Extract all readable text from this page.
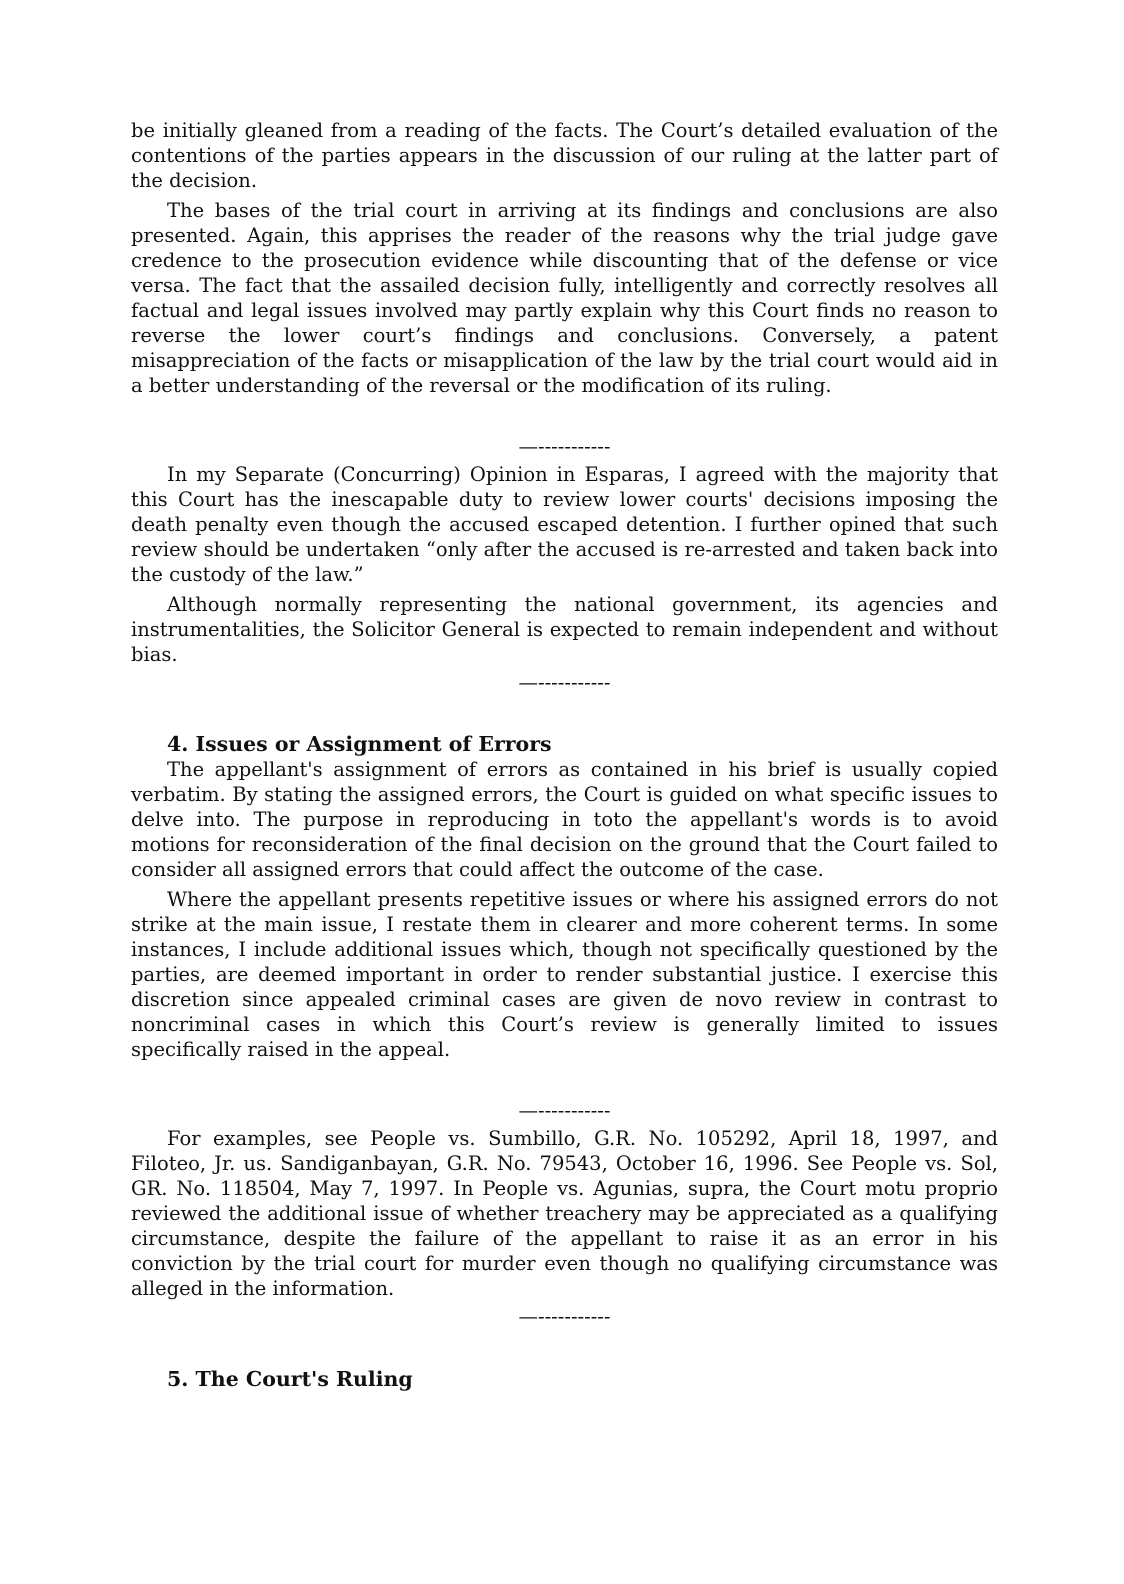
be initially gleaned from a reading of the facts. The Court’s detailed evaluation of the contentions of the parties appears in the discussion of our ruling at the latter part of the decision.

The bases of the trial court in arriving at its findings and conclusions are also presented. Again, this apprises the reader of the reasons why the trial judge gave credence to the prosecution evidence while discounting that of the defense or vice versa. The fact that the assailed decision fully, intelligently and correctly resolves all factual and legal issues involved may partly explain why this Court finds no reason to reverse the lower court’s findings and conclusions. Conversely, a patent misappreciation of the facts or misapplication of the law by the trial court would aid in a better understanding of the reversal or the modification of its ruling.

—-----------

In my Separate (Concurring) Opinion in Esparas, I agreed with the majority that this Court has the inescapable duty to review lower courts' decisions imposing the death penalty even though the accused escaped detention. I further opined that such review should be undertaken “only after the accused is re-arrested and taken back into the custody of the law.”

Although normally representing the national government, its agencies and instrumentalities, the Solicitor General is expected to remain independent and without bias.

—-----------

4. Issues or Assignment of Errors

The appellant's assignment of errors as contained in his brief is usually copied verbatim. By stating the assigned errors, the Court is guided on what specific issues to delve into. The purpose in reproducing in toto the appellant's words is to avoid motions for reconsideration of the final decision on the ground that the Court failed to consider all assigned errors that could affect the outcome of the case.

Where the appellant presents repetitive issues or where his assigned errors do not strike at the main issue, I restate them in clearer and more coherent terms. In some instances, I include additional issues which, though not specifically questioned by the parties, are deemed important in order to render substantial justice. I exercise this discretion since appealed criminal cases are given de novo review in contrast to noncriminal cases in which this Court’s review is generally limited to issues specifically raised in the appeal.

—-----------

For examples, see People vs. Sumbillo, G.R. No. 105292, April 18, 1997, and Filoteo, Jr. us. Sandiganbayan, G.R. No. 79543, October 16, 1996. See People vs. Sol, GR. No. 118504, May 7, 1997. In People vs. Agunias, supra, the Court motu proprio reviewed the additional issue of whether treachery may be appreciated as a qualifying circumstance, despite the failure of the appellant to raise it as an error in his conviction by the trial court for murder even though no qualifying circumstance was alleged in the information.

—-----------

5. The Court's Ruling
